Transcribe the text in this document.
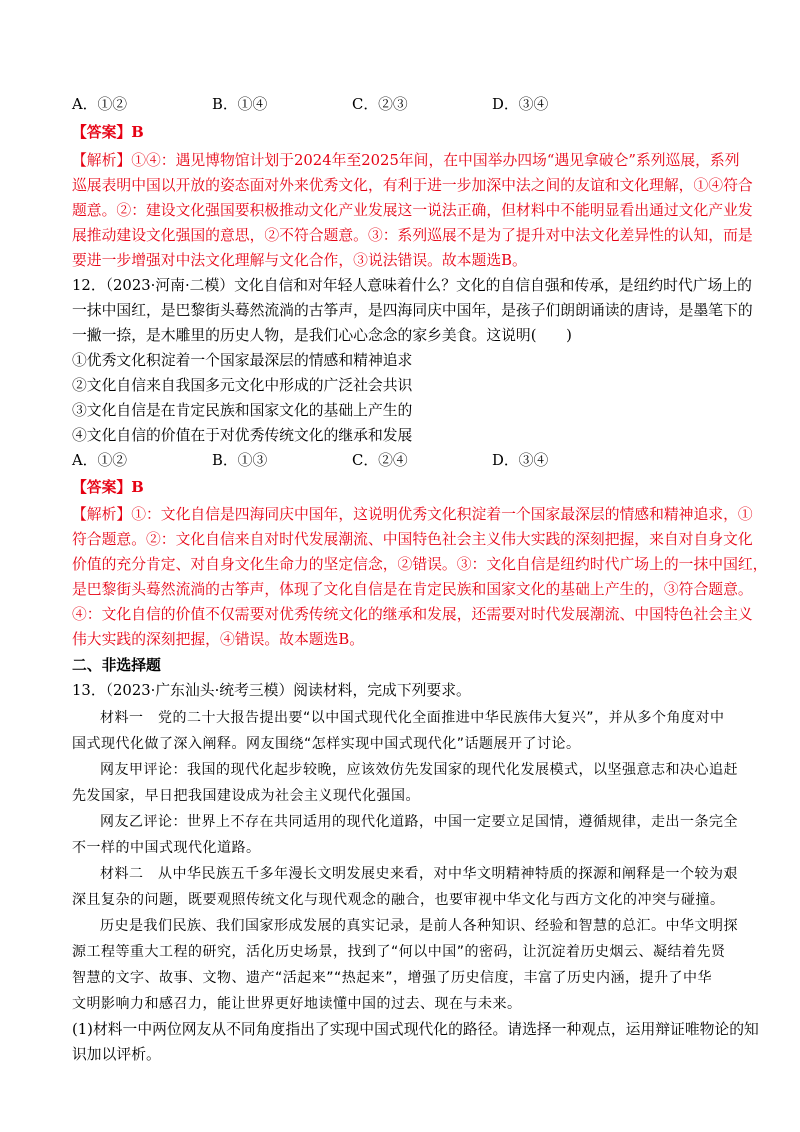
A．①②	B．①④	C．②③	D．③④
【答案】B
【解析】①④：遇见博物馆计划于2024年至2025年间，在中国举办四场“遇见拿破仑”系列巡展，系列
巡展表明中国以开放的姿态面对外来优秀文化，有利于进一步加深中法之间的友谊和文化理解，①④符合
题意。②：建设文化强国要积极推动文化产业发展这一说法正确，但材料中不能明显看出通过文化产业发
展推动建设文化强国的意思，②不符合题意。③：系列巡展不是为了提升对中法文化差异性的认知，而是
要进一步增强对中法文化理解与文化合作，③说法错误。故本题选B。
12．（2023·河南·二模）文化自信和对年轻人意味着什么？文化的自信自强和传承，是纽约时代广场上的
一抹中国红，是巴黎街头蓦然流淌的古筝声，是四海同庆中国年，是孩子们朗朗诵读的唐诗，是墨笔下的
一撇一捺，是木雕里的历史人物，是我们心心念念的家乡美食。这说明(　　)
①优秀文化积淀着一个国家最深层的情感和精神追求
②文化自信来自我国多元文化中形成的广泛社会共识
③文化自信是在肯定民族和国家文化的基础上产生的
④文化自信的价值在于对优秀传统文化的继承和发展
A．①②	B．①③	C．②④	D．③④
【答案】B
【解析】①：文化自信是四海同庆中国年，这说明优秀文化积淀着一个国家最深层的情感和精神追求，①
符合题意。②：文化自信来自对时代发展潮流、中国特色社会主义伟大实践的深刻把握，来自对自身文化
价值的充分肯定、对自身文化生命力的坚定信念，②错误。③：文化自信是纽约时代广场上的一抹中国红，
是巴黎街头蓦然流淌的古筝声，体现了文化自信是在肯定民族和国家文化的基础上产生的，③符合题意。
④：文化自信的价值不仅需要对优秀传统文化的继承和发展，还需要对时代发展潮流、中国特色社会主义
伟大实践的深刻把握，④错误。故本题选B。
二、非选择题
13．（2023·广东汕头·统考三模）阅读材料，完成下列要求。
材料一　党的二十大报告提出要“以中国式现代化全面推进中华民族伟大复兴”，并从多个角度对中
国式现代化做了深入阐释。网友围绕“怎样实现中国式现代化”话题展开了讨论。
网友甲评论：我国的现代化起步较晚，应该效仿先发国家的现代化发展模式，以坚强意志和决心追赶
先发国家，早日把我国建设成为社会主义现代化强国。
网友乙评论：世界上不存在共同适用的现代化道路，中国一定要立足国情，遵循规律，走出一条完全
不一样的中国式现代化道路。
材料二　从中华民族五千多年漫长文明发展史来看，对中华文明精神特质的探源和阐释是一个较为艰
深且复杂的问题，既要观照传统文化与现代观念的融合，也要审视中华文化与西方文化的冲突与碰撞。
历史是我们民族、我们国家形成发展的真实记录，是前人各种知识、经验和智慧的总汇。中华文明探
源工程等重大工程的研究，活化历史场景，找到了“何以中国”的密码，让沉淀着历史烟云、凝结着先贤
智慧的文字、故事、文物、遗产“活起来”“热起来”，增强了历史信度，丰富了历史内涵，提升了中华
文明影响力和感召力，能让世界更好地读懂中国的过去、现在与未来。
(1)材料一中两位网友从不同角度指出了实现中国式现代化的路径。请选择一种观点，运用辩证唯物论的知
识加以评析。
